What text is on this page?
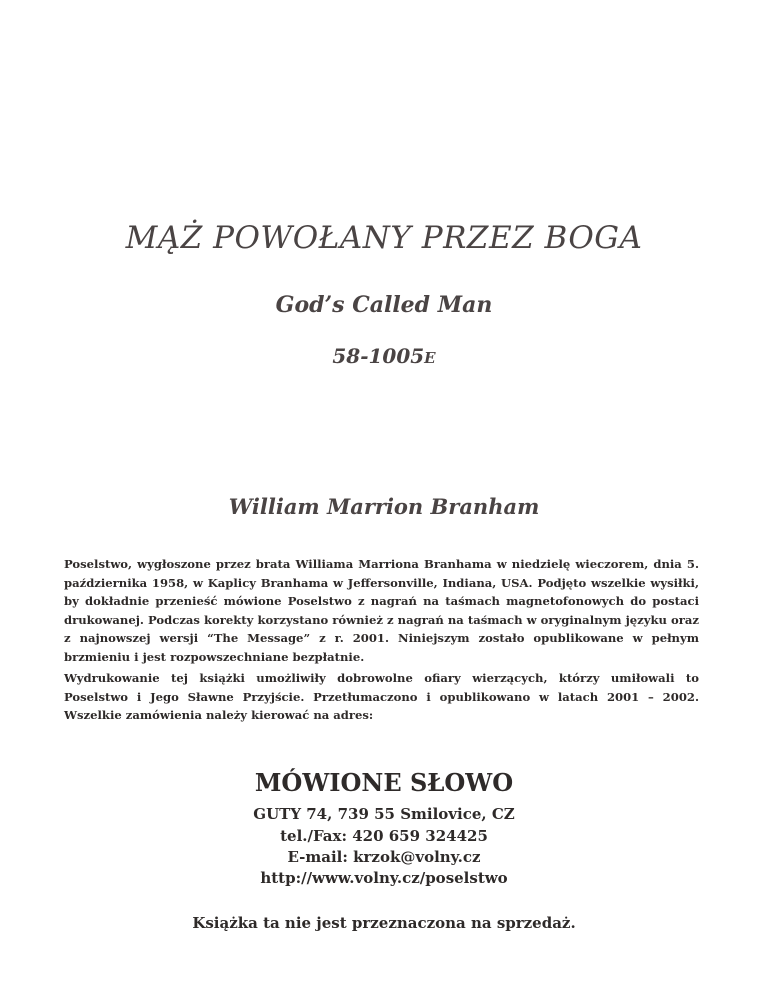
MĄŻ POWOŁANY PRZEZ BOGA
God’s Called Man
58-1005E
William Marrion Branham
Poselstwo, wygłoszone przez brata Williama Marriona Branhama w niedzielę wieczorem, dnia 5. października 1958, w Kaplicy Branhama w Jeffersonville, Indiana, USA. Podjęto wszelkie wysiłki, by dokładnie przenieść mówione Poselstwo z nagrań na taśmach magnetofonowych do postaci drukowanej. Podczas korekty korzystano również z nagrań na taśmach w oryginalnym języku oraz z najnowszej wersji “The Message” z r. 2001. Niniejszym zostało opublikowane w pełnym brzmieniu i jest rozpowszechniane bezpłatnie.
Wydrukowanie tej książki umożliwiły dobrowolne ofiary wierzących, którzy umiłowali to Poselstwo i Jego Sławne Przyjście. Przetłumaczono i opublikowano w latach 2001 – 2002. Wszelkie zamówienia należy kierować na adres:
MÓWIONE SŁOWO
GUTY 74, 739 55 Smilovice, CZ
tel./Fax: 420 659 324425
E-mail: krzok@volny.cz
http://www.volny.cz/poselstwo
Książka ta nie jest przeznaczona na sprzedaż.
